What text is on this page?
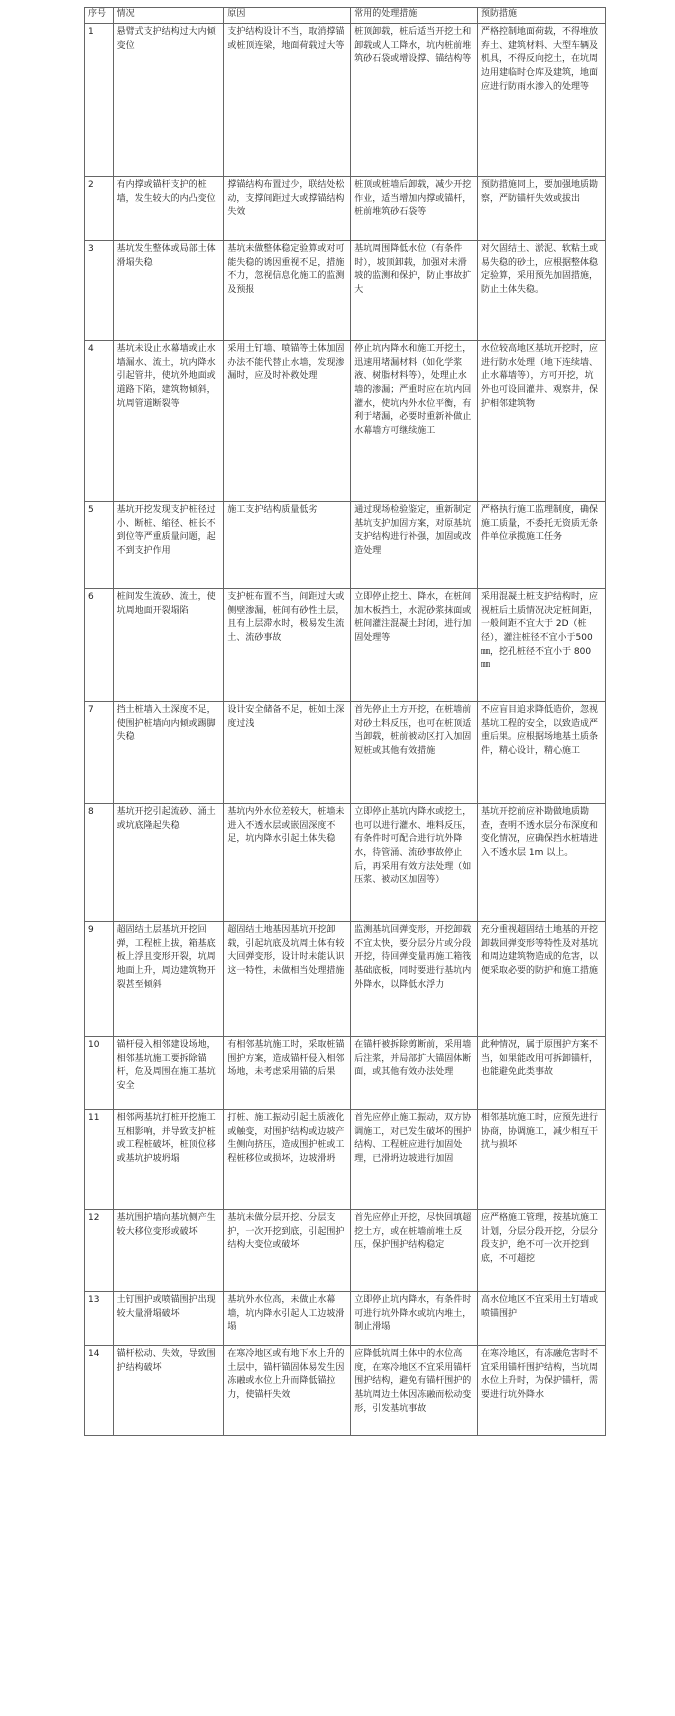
序号	情况	原因	常用的处理措施	预防措施
1	悬臂式支护结构过大内倾变位	支护结构设计不当，取消撑锚或桩顶连梁，地面荷载过大等	桩顶卸载，桩后适当开挖土和卸载或人工降水，坑内桩前堆筑砂石袋或增设撑、锚结构等	严格控制地面荷载，不得堆放弃土、建筑材料、大型车辆及机具，不得反向挖土，在坑周边用建临时仓库及建筑，地面应进行防雨水渗入的处理等
2	有内撑或锚杆支护的桩墙，发生较大的内凸变位	撑锚结构布置过少，联结处松动，支撑间距过大或撑锚结构失效	桩顶或桩墙后卸载，减少开挖作业，适当增加内撑或锚杆，桩前堆筑砂石袋等	预防措施同上，要加强地质勘察，严防锚杆失效或拔出
3	基坑发生整体或局部土体滑塌失稳	基坑未做整体稳定验算或对可能失稳的诱因重视不足，措施不力，忽视信息化施工的监测及预报	基坑周围降低水位（有条件时），坡顶卸载，加强对未滑坡的监测和保护，防止事故扩大	对欠固结土、淤泥、软粘土或易失稳的砂土，应根据整体稳定验算，采用预先加固措施，防止土体失稳。
4	基坑未设止水幕墙或止水墙漏水、流土，坑内降水引起管井，使坑外地面或道路下陷，建筑物倾斜，坑周管道断裂等	采用土钉墙、喷锚等土体加固办法不能代替止水墙，发现渗漏时，应及时补救处理	停止坑内降水和施工开挖土，迅速用堵漏材料（如化学浆液、树脂材料等），处理止水墙的渗漏；严重时应在坑内回灌水，使坑内外水位平衡，有利于堵漏，必要时重新补做止水幕墙方可继续施工	水位较高地区基坑开挖时，应进行防水处理（地下连续墙、止水幕墙等），方可开挖，坑外也可设回灌井、观察井，保护相邻建筑物
5	基坑开挖发现支护桩径过小、断桩、缩径、桩长不到位等严重质量问题，起不到支护作用	施工支护结构质量低劣	通过现场检验鉴定，重新制定基坑支护加固方案，对原基坑支护结构进行补强，加固或改造处理	严格执行施工监理制度，确保施工质量，不委托无资质无条件单位承揽施工任务
6	桩间发生流砂、流土，使坑周地面开裂塌陷	支护桩布置不当，间距过大或侧壁渗漏，桩间有砂性土层，且有上层滞水时，极易发生流土、流砂事故	立即停止挖土、降水，在桩间加木板挡土，水泥砂浆抹面或桩间灌注混凝土封闭，进行加固处理等	采用混凝土桩支护结构时，应视桩后土质情况决定桩间距，一般间距不宜大于 2D（桩径），灌注桩径不宜小于500 ㎜，挖孔桩径不宜小于 800 ㎜
7	挡土桩墙入土深度不足，使围护桩墙向内倾或踢脚失稳	设计安全储备不足，桩如土深度过浅	首先停止土方开挖，在桩墙前对砂土料反压，也可在桩顶适当卸载，桩前被动区打入加固短桩或其他有效措施	不应盲目追求降低造价，忽视基坑工程的安全，以致造成严重后果。应根据场地基土质条件，精心设计，精心施工
8	基坑开挖引起流砂、涌土或坑底隆起失稳	基坑内外水位差较大，桩墙未进入不透水层或嵌固深度不足，坑内降水引起土体失稳	立即停止基坑内降水或挖土，也可以进行灌水、堆料反压，有条件时可配合进行坑外降水，待管涌、流砂事故停止后，再采用有效方法处理（如压浆、被动区加固等）	基坑开挖前应补勘做地质勘查，查明不透水层分布深度和变化情况，应确保挡水桩墙进入不透水层 1m 以上。
9	超固结土层基坑开挖回弹，工程桩上拔，箱基底板上浮且变形开裂，坑周地面上升，周边建筑物开裂甚至倾斜	超固结土地基因基坑开挖卸载，引起坑底及坑周土体有较大回弹变形，设计时未能认识这一特性，未做相当处理措施	监测基坑回弹变形，开挖卸载不宜太快，要分层分片或分段开挖，待回弹变量再施工箱筏基础底板，同时要进行基坑内外降水，以降低水浮力	充分重视超固结土地基的开挖卸载回弹变形等特性及对基坑和周边建筑物造成的危害，以便采取必要的防护和施工措施
10	锚杆侵入相邻建设场地，相邻基坑施工要拆除锚杆，危及周围在施工基坑安全	有相邻基坑施工时，采取桩锚围护方案，造成锚杆侵入相邻场地，未考虑采用锚的后果	在锚杆被拆除剪断前，采用墙后注浆，并局部扩大锚固体断面，或其他有效办法处理	此种情况，属于原围护方案不当，如果能改用可拆卸锚杆，也能避免此类事故
11	相邻两基坑打桩开挖施工互相影响，并导致支护桩或工程桩破坏，桩顶位移或基坑护坡坍塌	打桩、施工振动引起土质液化或触变，对围护结构或边坡产生侧向挤压，造成围护桩或工程桩移位或损坏，边坡滑坍	首先应停止施工振动，双方协调施工，对已发生破坏的围护结构、工程桩应进行加固处理，已滑坍边坡进行加固	相邻基坑施工时，应预先进行协商，协调施工，减少相互干扰与损坏
12	基坑围护墙向基坑侧产生较大移位变形或破坏	基坑未做分层开挖、分层支护，一次开挖到底，引起围护结构大变位或破坏	首先应停止开挖，尽快回填超挖土方，或在桩墙前堆土反压，保护围护结构稳定	应严格施工管理，按基坑施工计划，分层分段开挖，分层分段支护，绝不可一次开挖到底，不可超挖
13	土钉围护或喷锚围护出现较大量滑塌破坏	基坑外水位高，未做止水幕墙，坑内降水引起人工边坡滑塌	立即停止坑内降水，有条件时可进行坑外降水或坑内堆土，制止滑塌	高水位地区不宜采用土钉墙或喷锚围护
14	锚杆松动、失效，导致围护结构破坏	在寒冷地区或有地下水上升的土层中，锚杆锚固体易发生因冻融或水位上升而降低锚拉力，使锚杆失效	应降低坑周土体中的水位高度，在寒冷地区不宜采用锚杆围护结构，避免有锚杆围护的基坑周边土体因冻融而松动变形，引发基坑事故	在寒冷地区，有冻融危害时不宜采用锚杆围护结构，当坑周水位上升时，为保护锚杆，需要进行坑外降水
